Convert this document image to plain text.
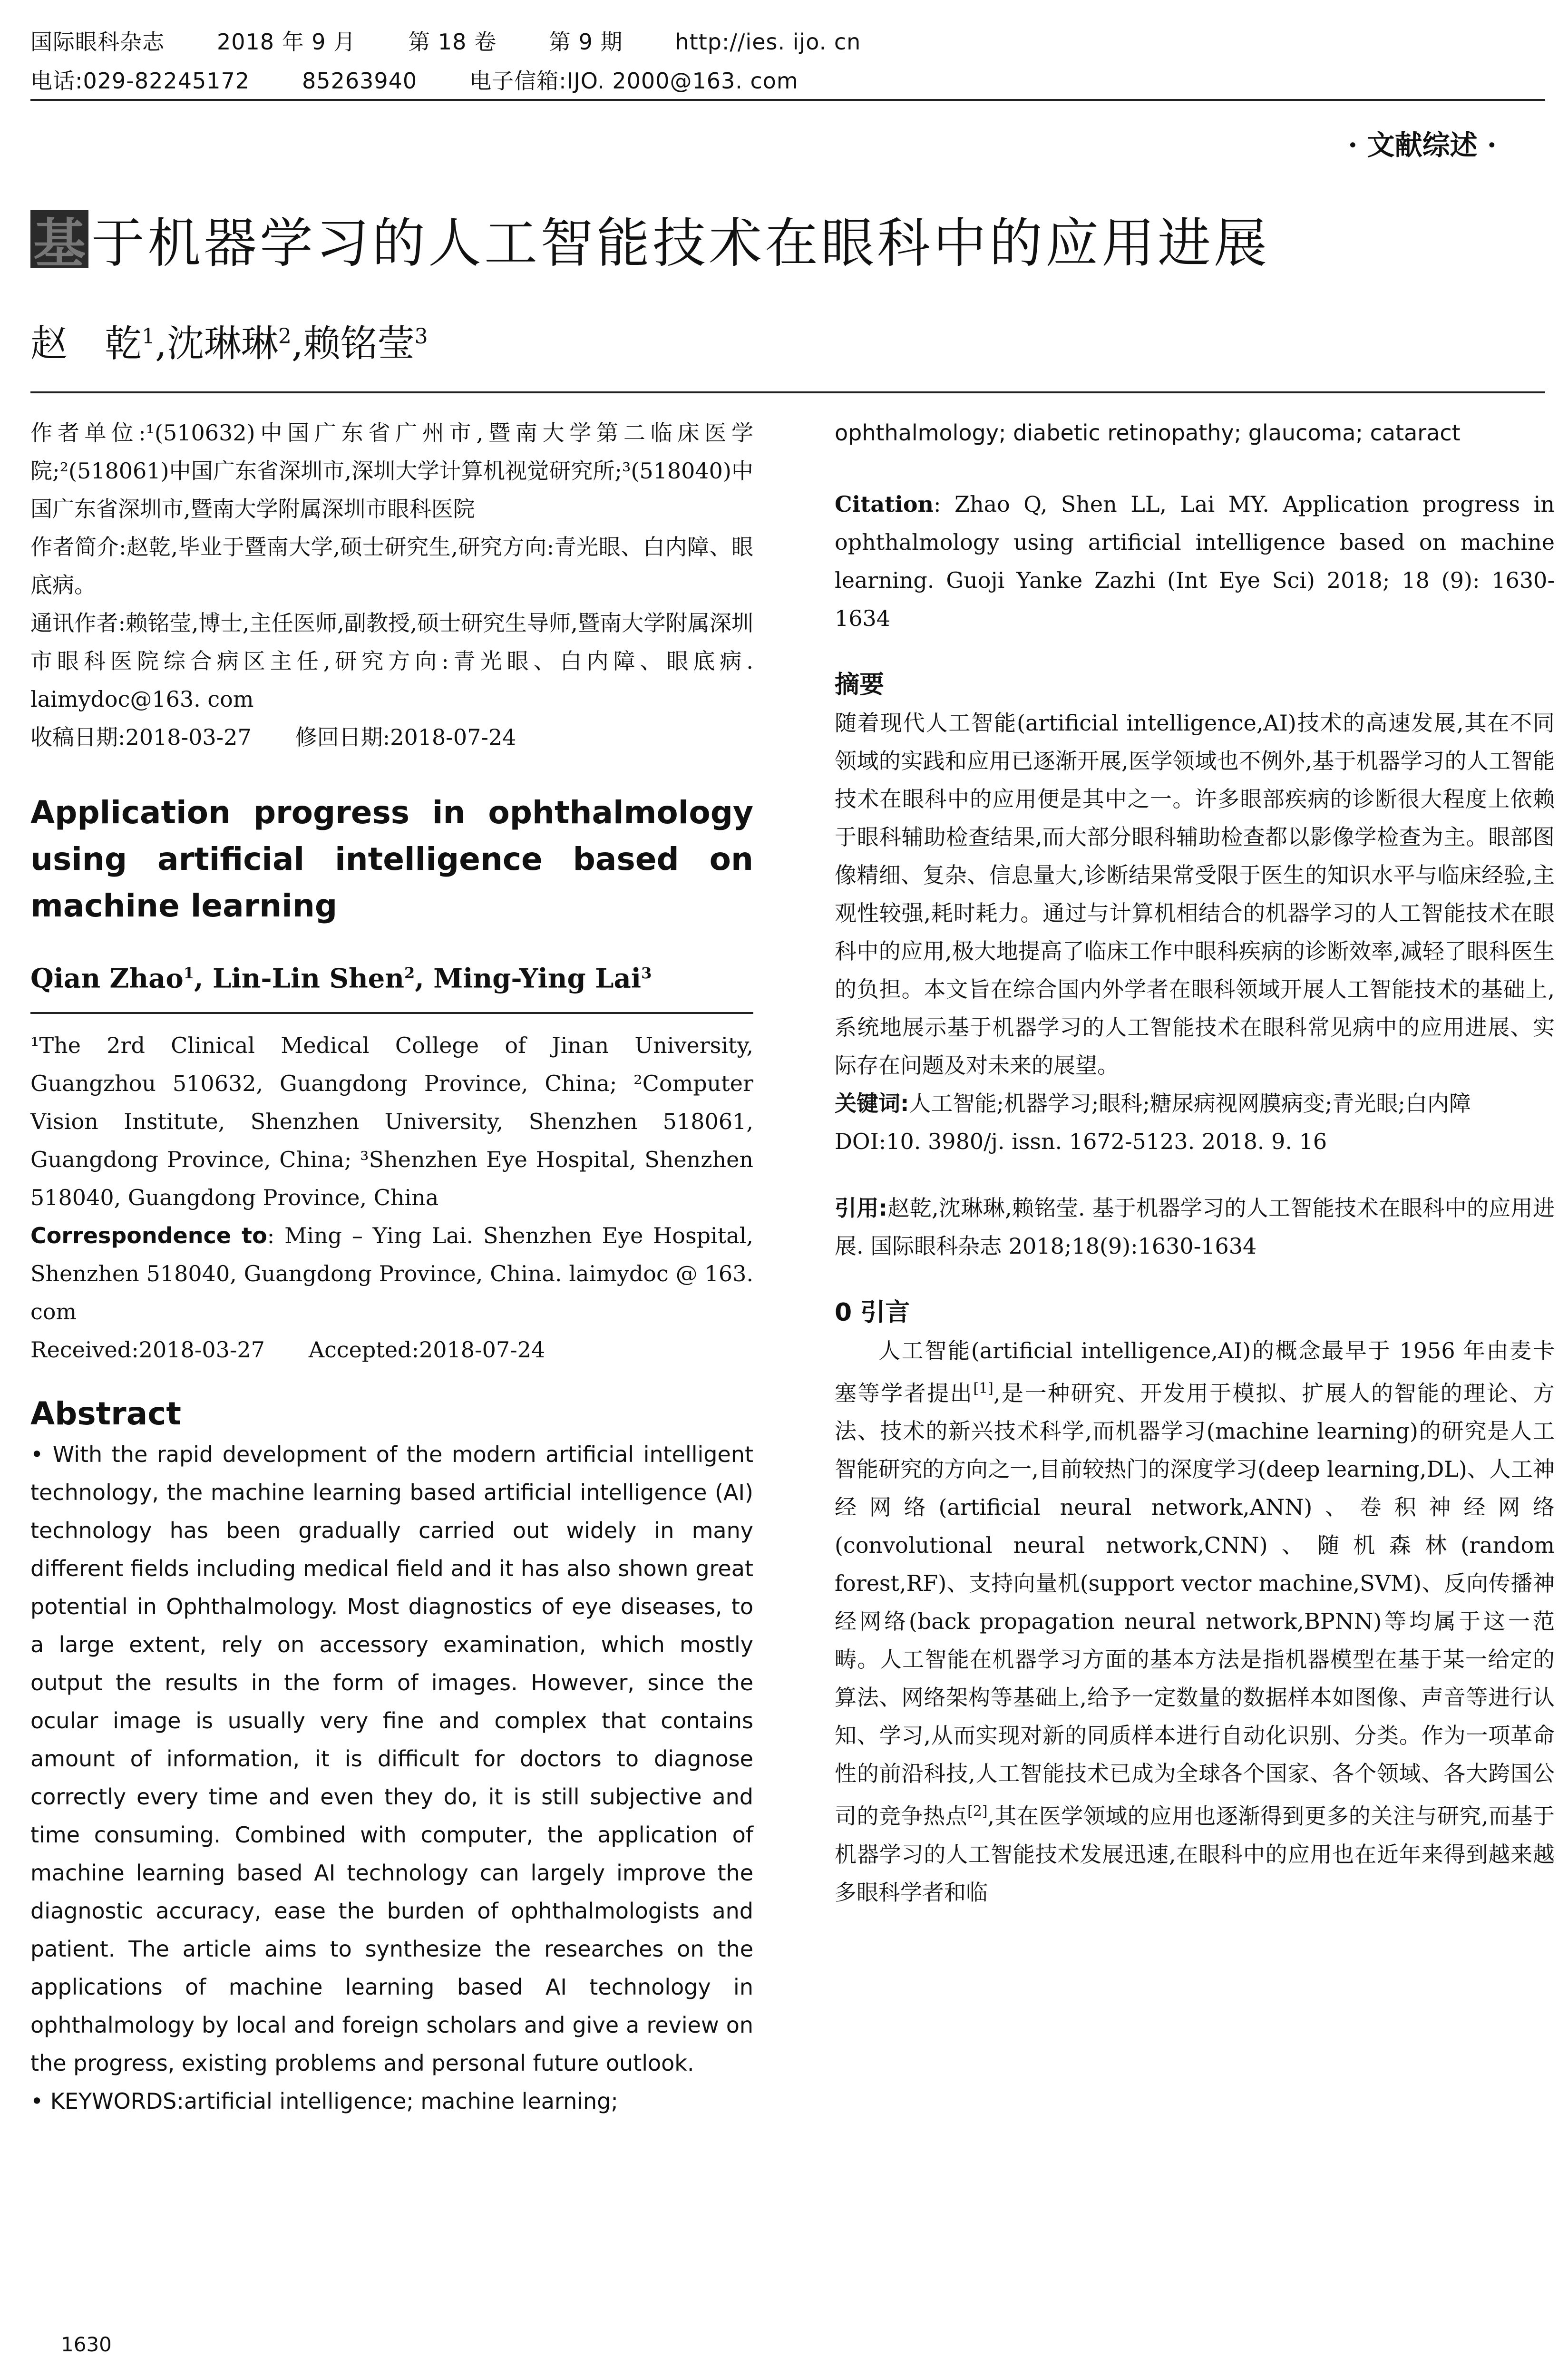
国际眼科杂志 2018 年 9 月 第 18 卷 第 9 期 http://ies. ijo. cn
电话:029-82245172 85263940 电子信箱:IJO. 2000@163. com
· 文献综述 ·
基 于机器学习的人工智能技术在眼科中的应用进展
赵　乾$^1$,沈琳琳$^2$,赖铭莹$^3$

作者单位:¹(510632)中国广东省广州市,暨南大学第二临床医学院;²(518061)中国广东省深圳市,深圳大学计算机视觉研究所;³(518040)中国广东省深圳市,暨南大学附属深圳市眼科医院

作者简介:赵乾,毕业于暨南大学,硕士研究生,研究方向:青光眼、白内障、眼底病。

通讯作者:赖铭莹,博士,主任医师,副教授,硕士研究生导师,暨南大学附属深圳市眼科医院综合病区主任,研究方向:青光眼、白内障、眼底病. laimydoc@163. com

收稿日期:2018-03-27　　修回日期:2018-07-24

Application progress in ophthalmology using artificial intelligence based on machine learning

Qian Zhao$^1$, Lin-Lin Shen$^2$, Ming-Ying Lai$^3$

¹The 2rd Clinical Medical College of Jinan University, Guangzhou 510632, Guangdong Province, China; ²Computer Vision Institute, Shenzhen University, Shenzhen 518061, Guangdong Province, China; ³Shenzhen Eye Hospital, Shenzhen 518040, Guangdong Province, China

Correspondence to: Ming – Ying Lai. Shenzhen Eye Hospital, Shenzhen 518040, Guangdong Province, China. laimydoc @ 163. com

Received:2018-03-27　　Accepted:2018-07-24

Abstract

• With the rapid development of the modern artificial intelligent technology, the machine learning based artificial intelligence (AI) technology has been gradually carried out widely in many different fields including medical field and it has also shown great potential in Ophthalmology. Most diagnostics of eye diseases, to a large extent, rely on accessory examination, which mostly output the results in the form of images. However, since the ocular image is usually very fine and complex that contains amount of information, it is difficult for doctors to diagnose correctly every time and even they do, it is still subjective and time consuming. Combined with computer, the application of machine learning based AI technology can largely improve the diagnostic accuracy, ease the burden of ophthalmologists and patient. The article aims to synthesize the researches on the applications of machine learning based AI technology in ophthalmology by local and foreign scholars and give a review on the progress, existing problems and personal future outlook.

• KEYWORDS:artificial intelligence; machine learning;

ophthalmology; diabetic retinopathy; glaucoma; cataract

Citation: Zhao Q, Shen LL, Lai MY. Application progress in ophthalmology using artificial intelligence based on machine learning. Guoji Yanke Zazhi (Int Eye Sci) 2018; 18 (9): 1630-1634

摘要

随着现代人工智能(artificial intelligence,AI)技术的高速发展,其在不同领域的实践和应用已逐渐开展,医学领域也不例外,基于机器学习的人工智能技术在眼科中的应用便是其中之一。许多眼部疾病的诊断很大程度上依赖于眼科辅助检查结果,而大部分眼科辅助检查都以影像学检查为主。眼部图像精细、复杂、信息量大,诊断结果常受限于医生的知识水平与临床经验,主观性较强,耗时耗力。通过与计算机相结合的机器学习的人工智能技术在眼科中的应用,极大地提高了临床工作中眼科疾病的诊断效率,减轻了眼科医生的负担。本文旨在综合国内外学者在眼科领域开展人工智能技术的基础上,系统地展示基于机器学习的人工智能技术在眼科常见病中的应用进展、实际存在问题及对未来的展望。

关键词:人工智能;机器学习;眼科;糖尿病视网膜病变;青光眼;白内障

DOI:10. 3980/j. issn. 1672-5123. 2018. 9. 16

引用:赵乾,沈琳琳,赖铭莹. 基于机器学习的人工智能技术在眼科中的应用进展. 国际眼科杂志 2018;18(9):1630-1634

0 引言

人工智能(artificial intelligence,AI)的概念最早于 1956 年由麦卡塞等学者提出[1],是一种研究、开发用于模拟、扩展人的智能的理论、方法、技术的新兴技术科学,而机器学习(machine learning)的研究是人工智能研究的方向之一,目前较热门的深度学习(deep learning,DL)、人工神经网络(artificial neural network,ANN)、卷积神经网络(convolutional neural network,CNN)、随机森林(random forest,RF)、支持向量机(support vector machine,SVM)、反向传播神经网络(back propagation neural network,BPNN)等均属于这一范畴。人工智能在机器学习方面的基本方法是指机器模型在基于某一给定的算法、网络架构等基础上,给予一定数量的数据样本如图像、声音等进行认知、学习,从而实现对新的同质样本进行自动化识别、分类。作为一项革命性的前沿科技,人工智能技术已成为全球各个国家、各个领域、各大跨国公司的竞争热点[2],其在医学领域的应用也逐渐得到更多的关注与研究,而基于机器学习的人工智能技术发展迅速,在眼科中的应用也在近年来得到越来越多眼科学者和临

1630
